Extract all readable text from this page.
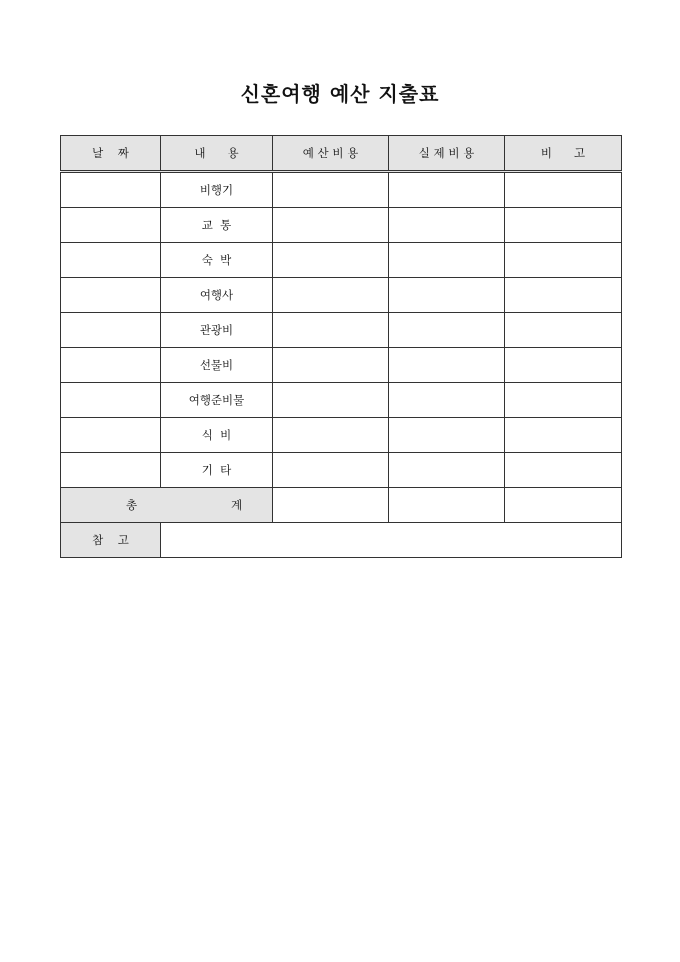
신혼여행 예산 지출표
날    짜	내      용	예 산 비 용	실 제 비 용	비      고
	비행기			
	교  통			
	숙  박			
	여행사			
	관광비			
	선물비			
	여행준비물			
	식  비			
	기  타			
총 계				
참    고				
